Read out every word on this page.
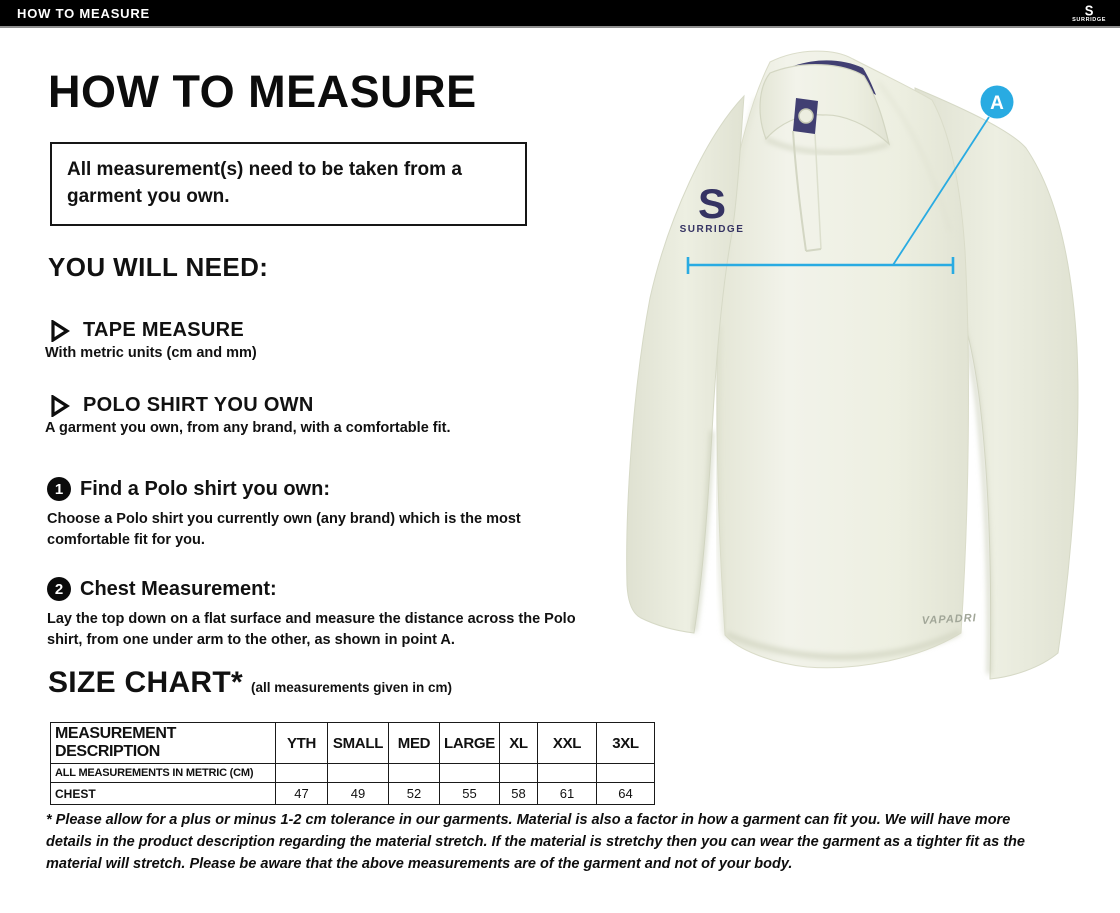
HOW TO MEASURE	S
SURRIDGE
HOW TO MEASURE
All measurement(s) need to be taken from a garment you own.
YOU WILL NEED:
TAPE MEASURE
With metric units (cm and mm)
POLO SHIRT YOU OWN
A garment you own, from any brand, with a comfortable fit.
1 Find a Polo shirt you own:
Choose a Polo shirt you currently own (any brand) which is the most comfortable fit for you.
2 Chest Measurement:
Lay the top down on a flat surface and measure the distance across the Polo shirt, from one under arm to the other, as shown in point A.
SIZE CHART* (all measurements given in cm)
MEASUREMENT DESCRIPTION	YTH	SMALL	MED	LARGE	XL	XXL	3XL
ALL MEASUREMENTS IN METRIC (CM)							
CHEST	47	49	52	55	58	61	64
* Please allow for a plus or minus 1-2 cm tolerance in our garments. Material is also a factor in how a garment can fit you. We will have more details in the product description regarding the material stretch. If the material is stretchy then you can wear the garment as a tighter fit as the material will stretch. Please be aware that the above measurements are of the garment and not of your body.
S
SURRIDGE
VAPADRI
A
